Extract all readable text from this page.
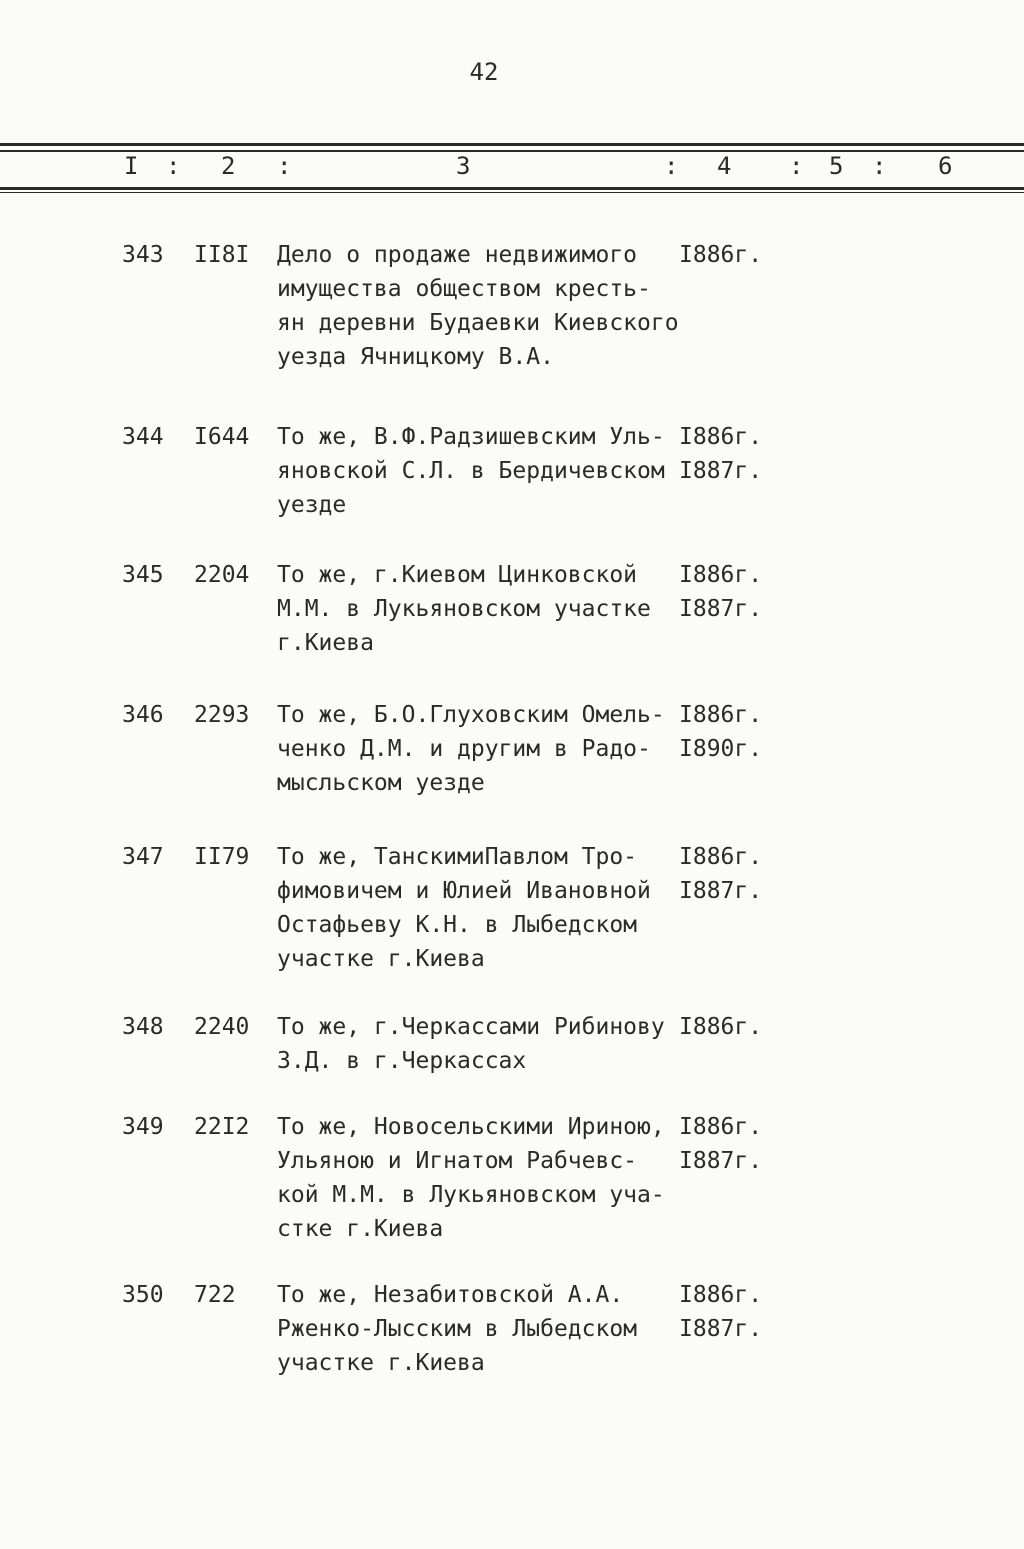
42
I : 2 :	3	: 4 : 5 : 6
343	II8I	Дело о продаже недвижимого
имущества обществом кресть-
ян деревни Будаевки Киевского
уезда Ячницкому В.А.
I886г.
344	I644	То же, В.Ф.Радзишевским Уль-
яновской С.Л. в Бердичевском
уезде
I886г.
I887г.
345	2204	То же, г.Киевом Цинковской
М.М. в Лукьяновском участке
г.Киева
I886г.
I887г.
346	2293	То же, Б.О.Глуховским Омель-
ченко Д.М. и другим в Радо-
мысльском уезде
I886г.
I890г.
347	II79	То же, ТанскимиПавлом Тро-
фимовичем и Юлией Ивановной
Остафьеву К.Н. в Лыбедском
участке г.Киева
I886г.
I887г.
348	2240	То же, г.Черкассами Рибинову
З.Д. в г.Черкассах
I886г.
349	22I2	То же, Новосельскими Ириною,
Ульяною и Игнатом Рабчевс-
кой М.М. в Лукьяновском уча-
стке г.Киева
I886г.
I887г.
350	722	То же, Незабитовской А.А.
Рженко-Лысским в Лыбедском
участке г.Киева
I886г.
I887г.
